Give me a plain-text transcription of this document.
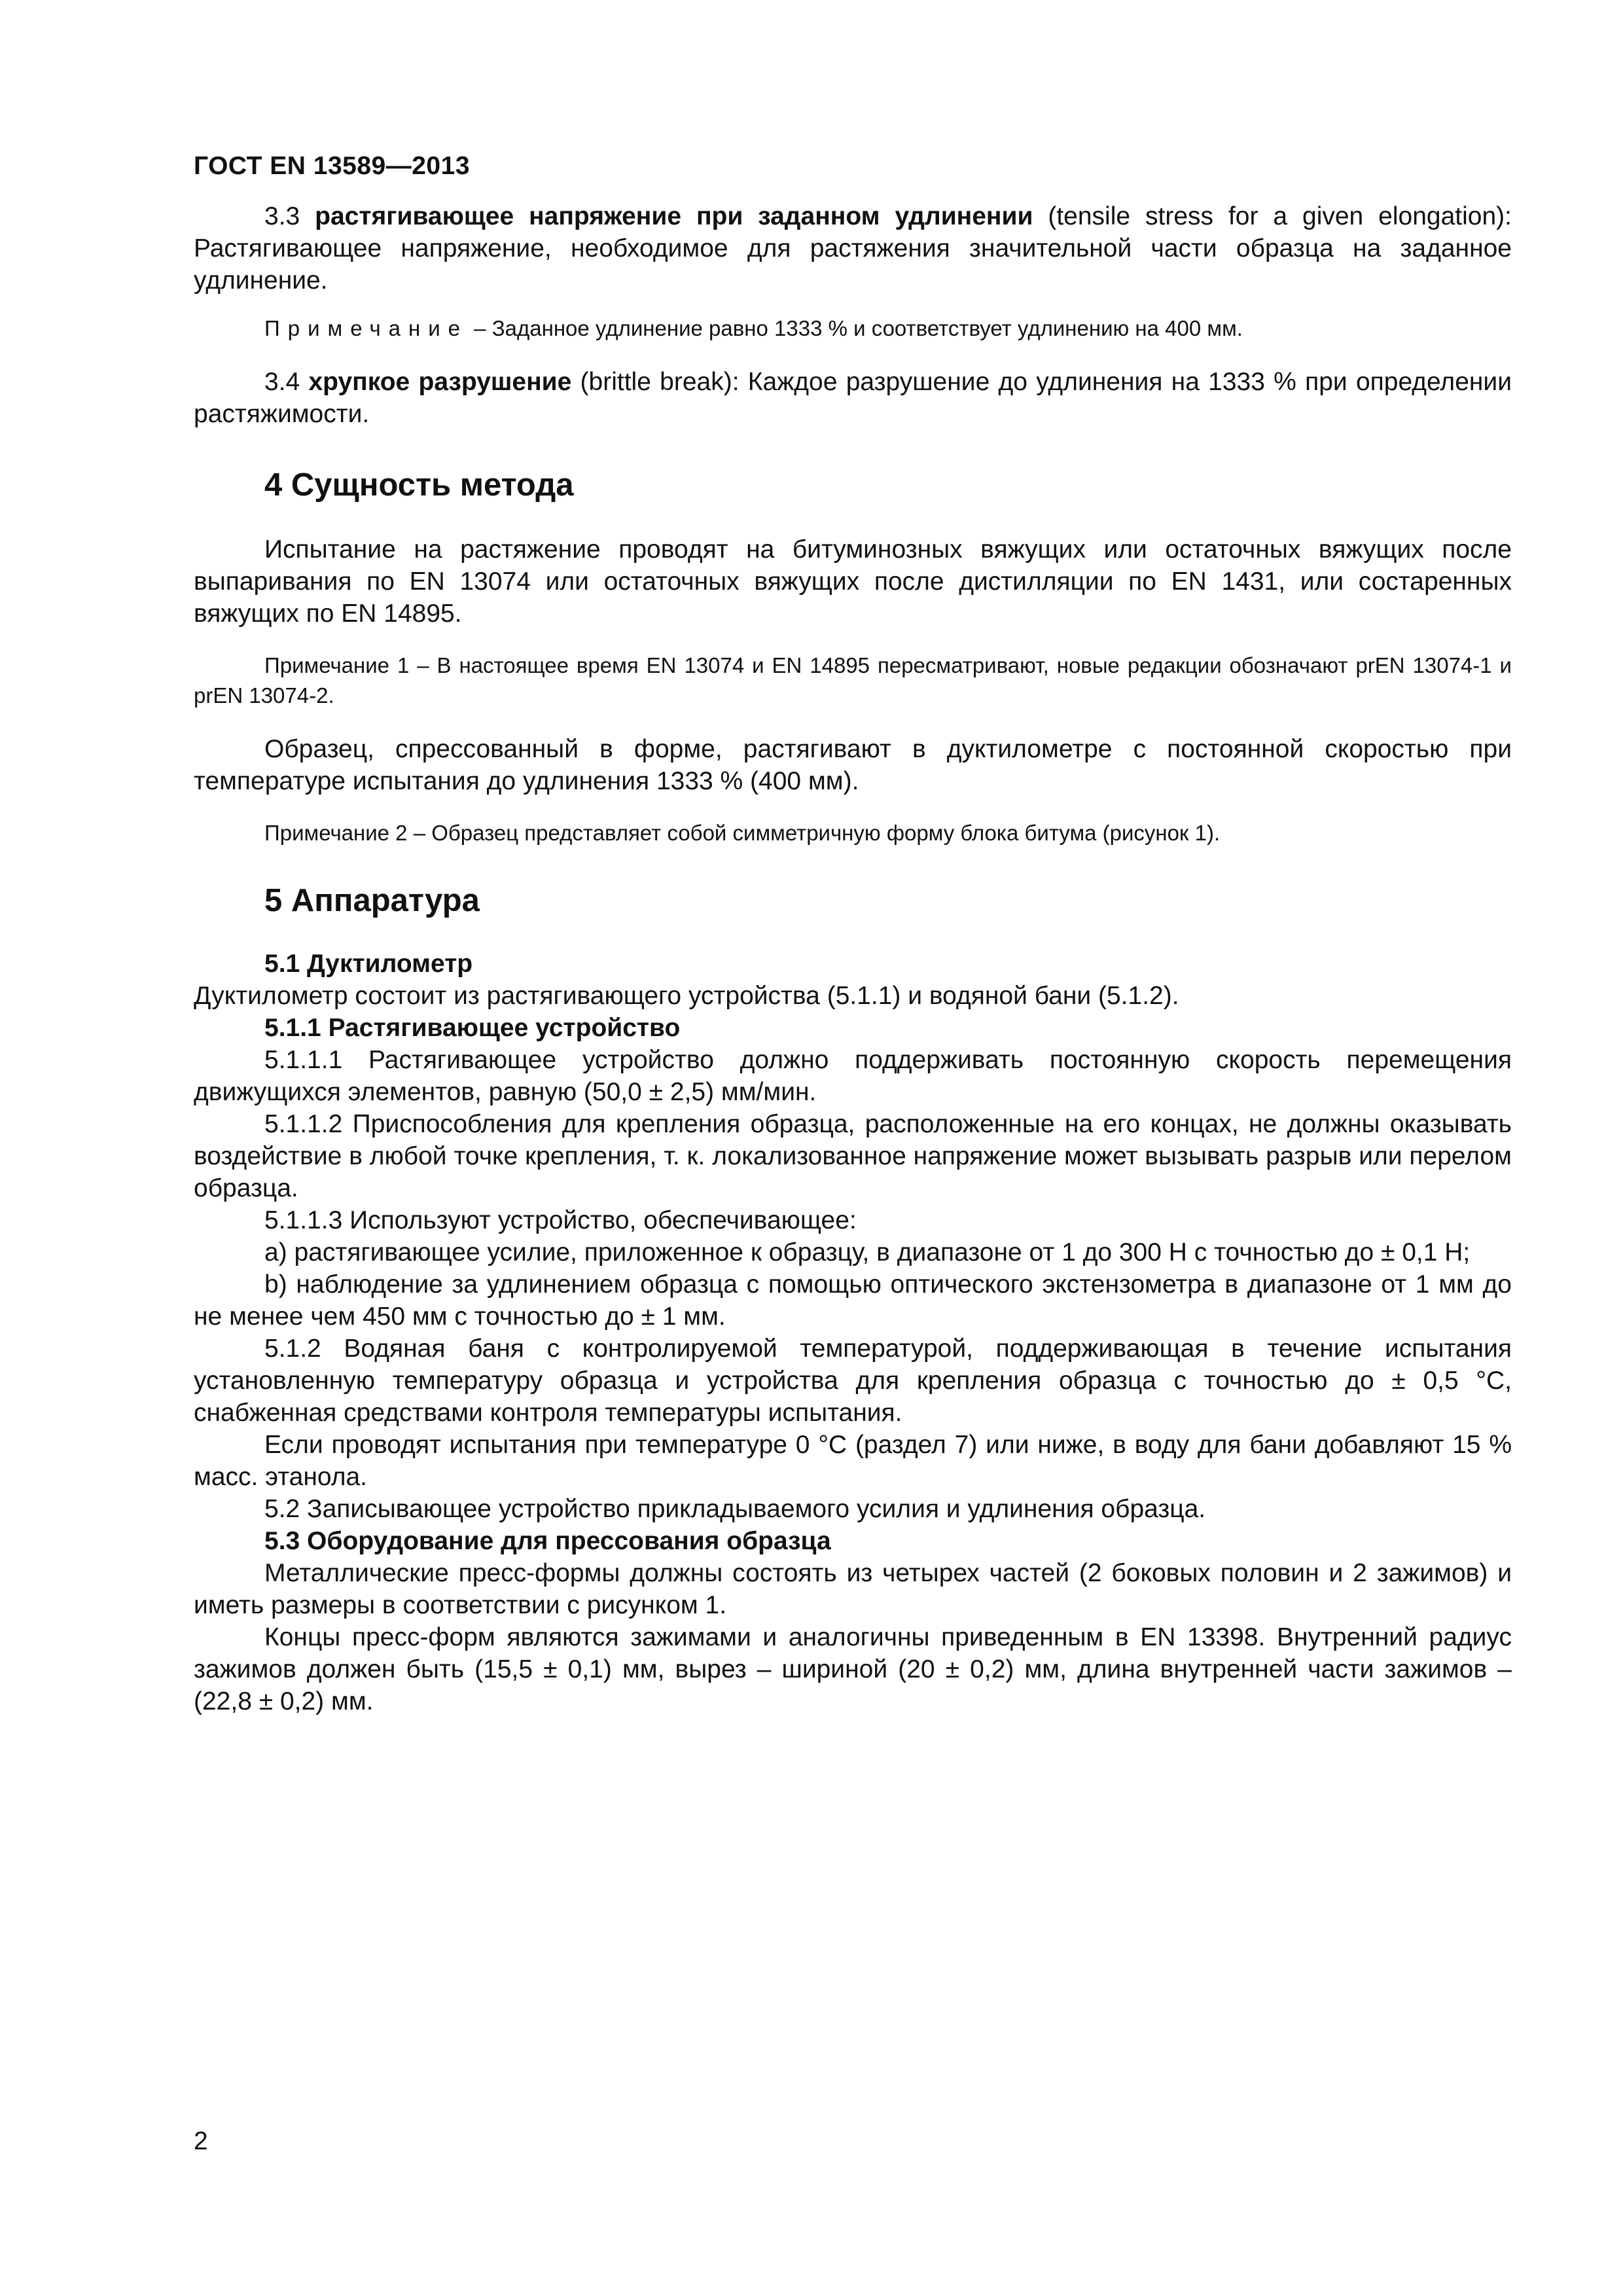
ГОСТ EN 13589—2013

3.3 растягивающее напряжение при заданном удлинении (tensile stress for a given elongation): Растягивающее напряжение, необходимое для растяжения значительной части образца на заданное удлинение.

Примечание – Заданное удлинение равно 1333 % и соответствует удлинению на 400 мм.

3.4 хрупкое разрушение (brittle break): Каждое разрушение до удлинения на 1333 % при определении растяжимости.

4 Сущность метода

Испытание на растяжение проводят на битуминозных вяжущих или остаточных вяжущих после выпаривания по EN 13074 или остаточных вяжущих после дистилляции по EN 1431, или состаренных вяжущих по EN 14895.

Примечание 1 – В настоящее время EN 13074 и EN 14895 пересматривают, новые редакции обозначают prEN 13074-1 и prEN 13074-2.

Образец, спрессованный в форме, растягивают в дуктилометре с постоянной скоростью при температуре испытания до удлинения 1333 % (400 мм).

Примечание 2 – Образец представляет собой симметричную форму блока битума (рисунок 1).

5 Аппаратура

5.1 Дуктилометр

Дуктилометр состоит из растягивающего устройства (5.1.1) и водяной бани (5.1.2).

5.1.1 Растягивающее устройство

5.1.1.1 Растягивающее устройство должно поддерживать постоянную скорость перемещения движущихся элементов, равную (50,0 ± 2,5) мм/мин.

5.1.1.2 Приспособления для крепления образца, расположенные на его концах, не должны оказывать воздействие в любой точке крепления, т. к. локализованное напряжение может вызывать разрыв или перелом образца.

5.1.1.3 Используют устройство, обеспечивающее:

a) растягивающее усилие, приложенное к образцу, в диапазоне от 1 до 300 Н с точностью до ± 0,1 Н;

b) наблюдение за удлинением образца с помощью оптического экстензометра в диапазоне от 1 мм до не менее чем 450 мм с точностью до ± 1 мм.

5.1.2 Водяная баня с контролируемой температурой, поддерживающая в течение испытания установленную температуру образца и устройства для крепления образца с точностью до ± 0,5 °С, снабженная средствами контроля температуры испытания.

Если проводят испытания при температуре 0 °С (раздел 7) или ниже, в воду для бани добавляют 15 % масс. этанола.

5.2 Записывающее устройство прикладываемого усилия и удлинения образца.

5.3 Оборудование для прессования образца

Металлические пресс-формы должны состоять из четырех частей (2 боковых половин и 2 зажимов) и иметь размеры в соответствии с рисунком 1.

Концы пресс-форм являются зажимами и аналогичны приведенным в EN 13398. Внутренний радиус зажимов должен быть (15,5 ± 0,1) мм, вырез – шириной (20 ± 0,2) мм, длина внутренней части зажимов – (22,8 ± 0,2) мм.

2
